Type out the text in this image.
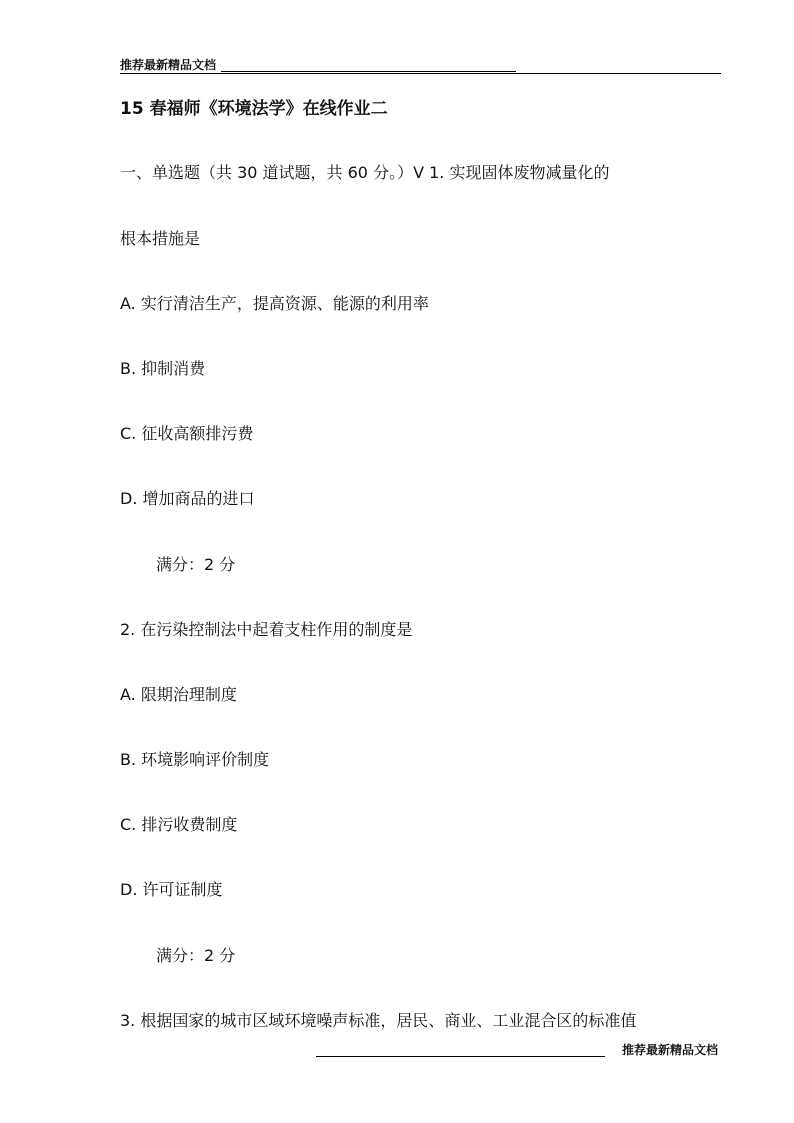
推荐最新精品文档
15 春福师《环境法学》在线作业二
一、单选题（共 30 道试题，共 60 分。）V 1. 实现固体废物减量化的
根本措施是
A. 实行清洁生产，提高资源、能源的利用率
B. 抑制消费
C. 征收高额排污费
D. 增加商品的进口
满分：2 分
2. 在污染控制法中起着支柱作用的制度是
A. 限期治理制度
B. 环境影响评价制度
C. 排污收费制度
D. 许可证制度
满分：2 分
3. 根据国家的城市区域环境噪声标准，居民、商业、工业混合区的标准值
推荐最新精品文档
